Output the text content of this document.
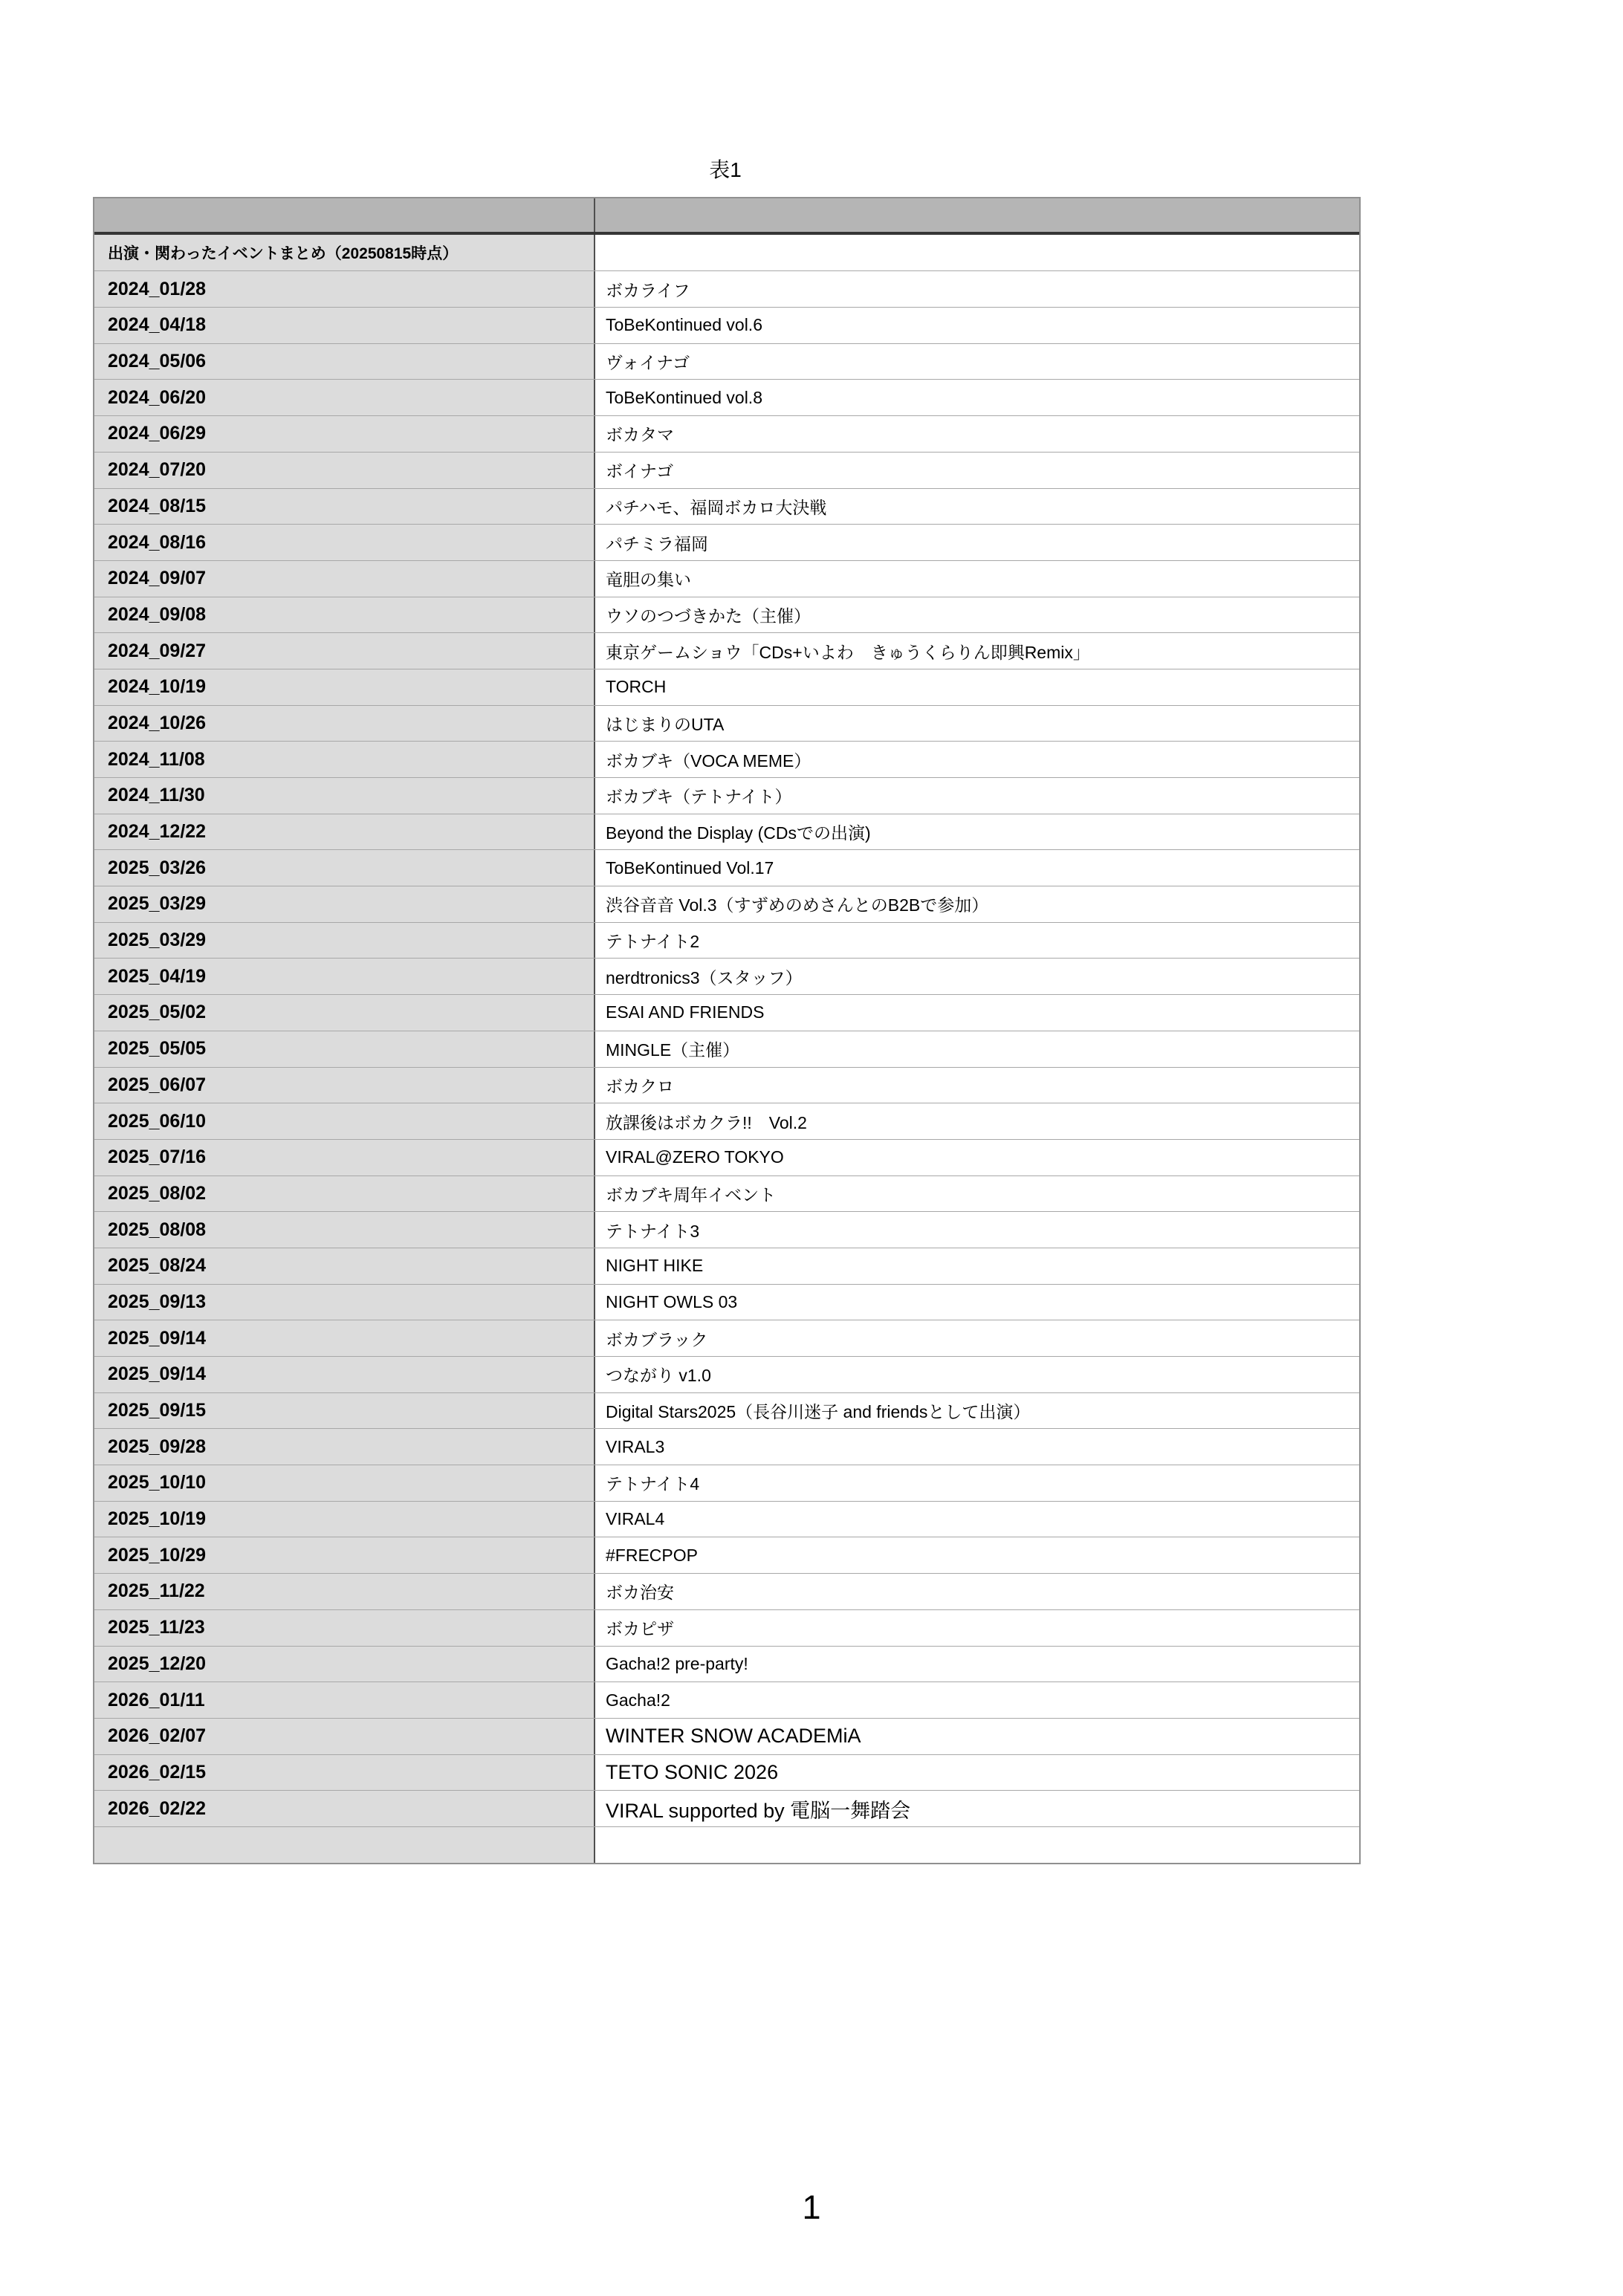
表1
出演・関わったイベントまとめ（20250815時点）
2024_01/28	ボカライフ
2024_04/18	ToBeKontinued vol.6
2024_05/06	ヴォイナゴ
2024_06/20	ToBeKontinued vol.8
2024_06/29	ボカタマ
2024_07/20	ボイナゴ
2024_08/15	パチハモ、福岡ボカロ大決戦
2024_08/16	パチミラ福岡
2024_09/07	竜胆の集い
2024_09/08	ウソのつづきかた（主催）
2024_09/27	東京ゲームショウ「CDs+いよわ　きゅうくらりん即興Remix」
2024_10/19	TORCH
2024_10/26	はじまりのUTA
2024_11/08	ボカブキ（VOCA MEME）
2024_11/30	ボカブキ（テトナイト）
2024_12/22	Beyond the Display (CDsでの出演)
2025_03/26	ToBeKontinued Vol.17
2025_03/29	渋谷音音 Vol.3（すずめのめさんとのB2Bで参加）
2025_03/29	テトナイト2
2025_04/19	nerdtronics3（スタッフ）
2025_05/02	ESAI AND FRIENDS
2025_05/05	MINGLE（主催）
2025_06/07	ボカクロ
2025_06/10	放課後はボカクラ!!　Vol.2
2025_07/16	VIRAL@ZERO TOKYO
2025_08/02	ボカブキ周年イベント
2025_08/08	テトナイト3
2025_08/24	NIGHT HIKE
2025_09/13	NIGHT OWLS 03
2025_09/14	ボカブラック
2025_09/14	つながり v1.0
2025_09/15	Digital Stars2025（長谷川迷子 and friendsとして出演）
2025_09/28	VIRAL3
2025_10/10	テトナイト4
2025_10/19	VIRAL4
2025_10/29	#FRECPOP
2025_11/22	ボカ治安
2025_11/23	ボカピザ
2025_12/20	Gacha!2 pre-party!
2026_01/11	Gacha!2
2026_02/07	WINTER SNOW ACADEMiA
2026_02/15	TETO SONIC 2026
2026_02/22	VIRAL supported by 電脳一舞踏会
1
